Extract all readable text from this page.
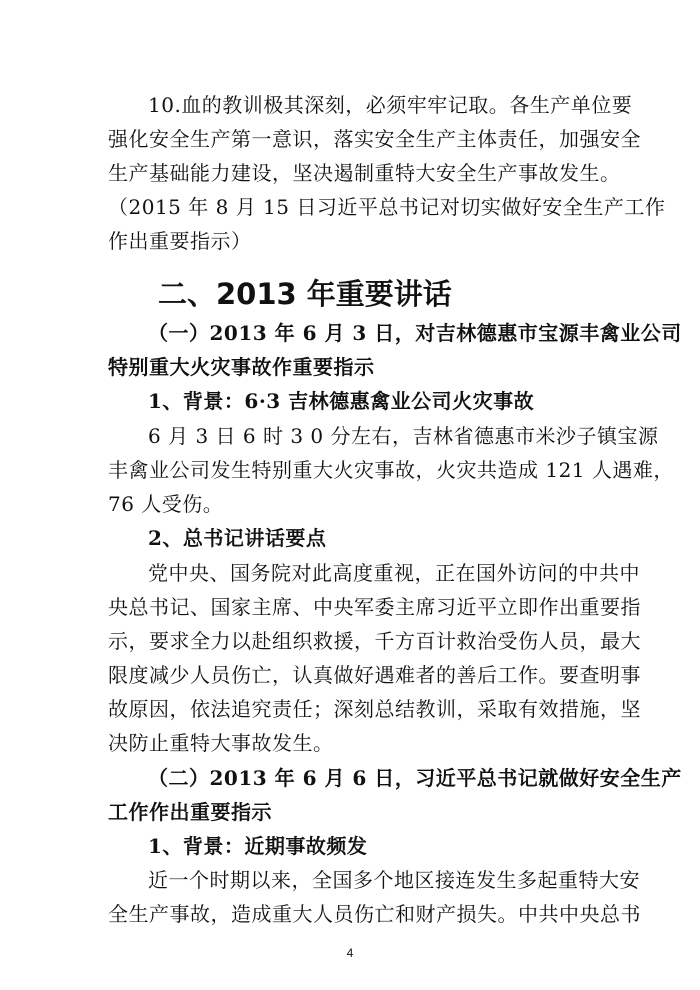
10.血的教训极其深刻，必须牢牢记取。各生产单位要
强化安全生产第一意识，落实安全生产主体责任，加强安全
生产基础能力建设，坚决遏制重特大安全生产事故发生。
（2015 年 8 月 15 日习近平总书记对切实做好安全生产工作
作出重要指示）
二、2013 年重要讲话
（一）2013 年 6 月 3 日，对吉林德惠市宝源丰禽业公司
特别重大火灾事故作重要指示
1、背景：6·3 吉林德惠禽业公司火灾事故
6 月 3 日 6 时 3 0 分左右，吉林省德惠市米沙子镇宝源
丰禽业公司发生特别重大火灾事故，火灾共造成 121 人遇难，
76 人受伤。
2、总书记讲话要点
党中央、国务院对此高度重视，正在国外访问的中共中
央总书记、国家主席、中央军委主席习近平立即作出重要指
示，要求全力以赴组织救援，千方百计救治受伤人员，最大
限度减少人员伤亡，认真做好遇难者的善后工作。要查明事
故原因，依法追究责任；深刻总结教训，采取有效措施，坚
决防止重特大事故发生。
（二）2013 年 6 月 6 日，习近平总书记就做好安全生产
工作作出重要指示
1、背景：近期事故频发
近一个时期以来，全国多个地区接连发生多起重特大安
全生产事故，造成重大人员伤亡和财产损失。中共中央总书
4
